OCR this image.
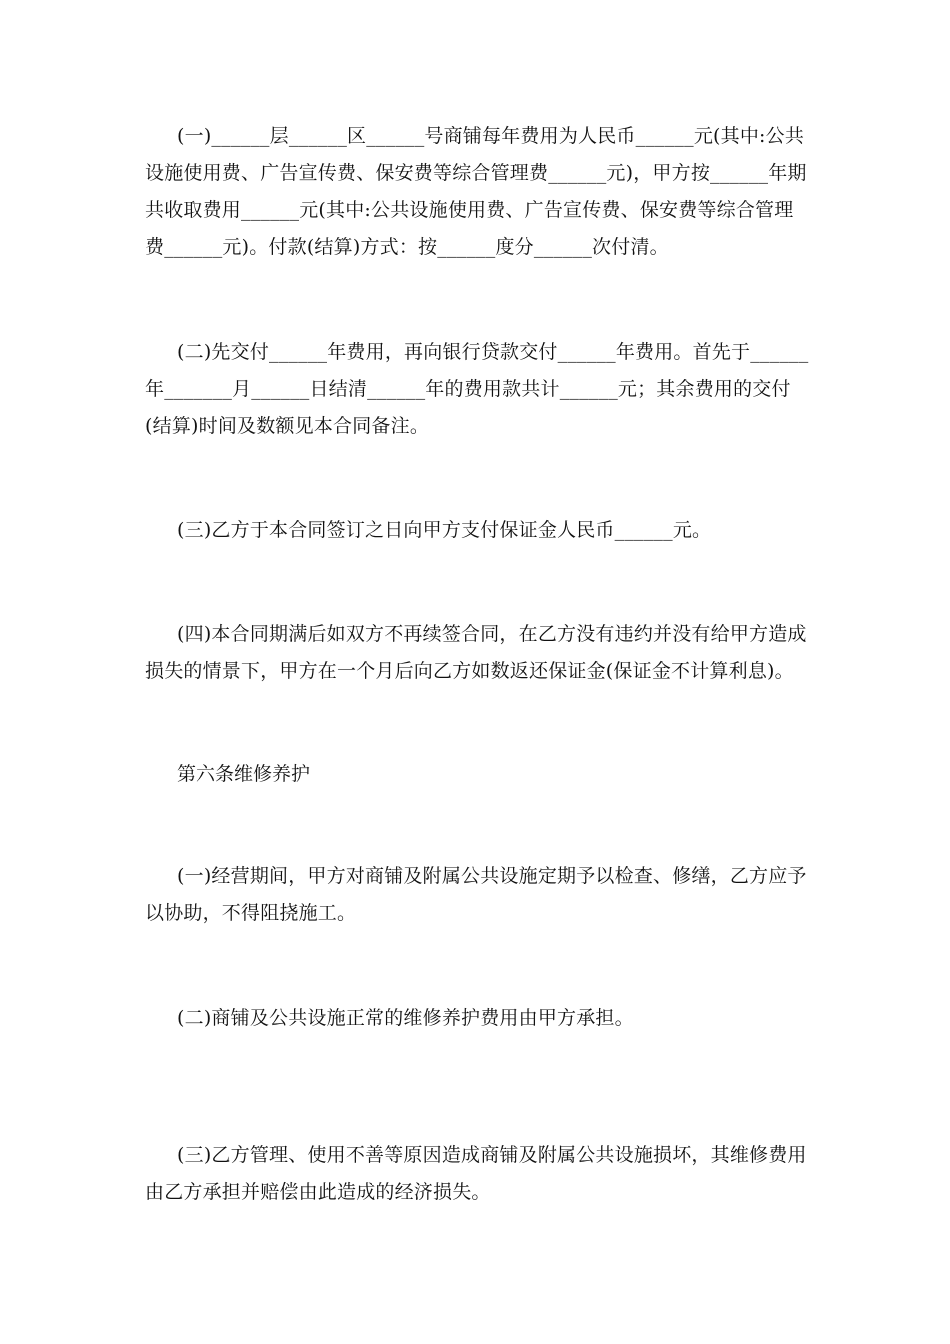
(一)______层______区______号商铺每年费用为人民币______元(其中:公共设施使用费、广告宣传费、保安费等综合管理费______元)，甲方按______年期共收取费用______元(其中:公共设施使用费、广告宣传费、保安费等综合管理费______元)。付款(结算)方式：按______度分______次付清。

(二)先交付______年费用，再向银行贷款交付______年费用。首先于______年_______月______日结清______年的费用款共计______元；其余费用的交付(结算)时间及数额见本合同备注。

(三)乙方于本合同签订之日向甲方支付保证金人民币______元。

(四)本合同期满后如双方不再续签合同，在乙方没有违约并没有给甲方造成损失的情景下，甲方在一个月后向乙方如数返还保证金(保证金不计算利息)。

第六条维修养护

(一)经营期间，甲方对商铺及附属公共设施定期予以检查、修缮，乙方应予以协助，不得阻挠施工。

(二)商铺及公共设施正常的维修养护费用由甲方承担。

(三)乙方管理、使用不善等原因造成商铺及附属公共设施损坏，其维修费用由乙方承担并赔偿由此造成的经济损失。
